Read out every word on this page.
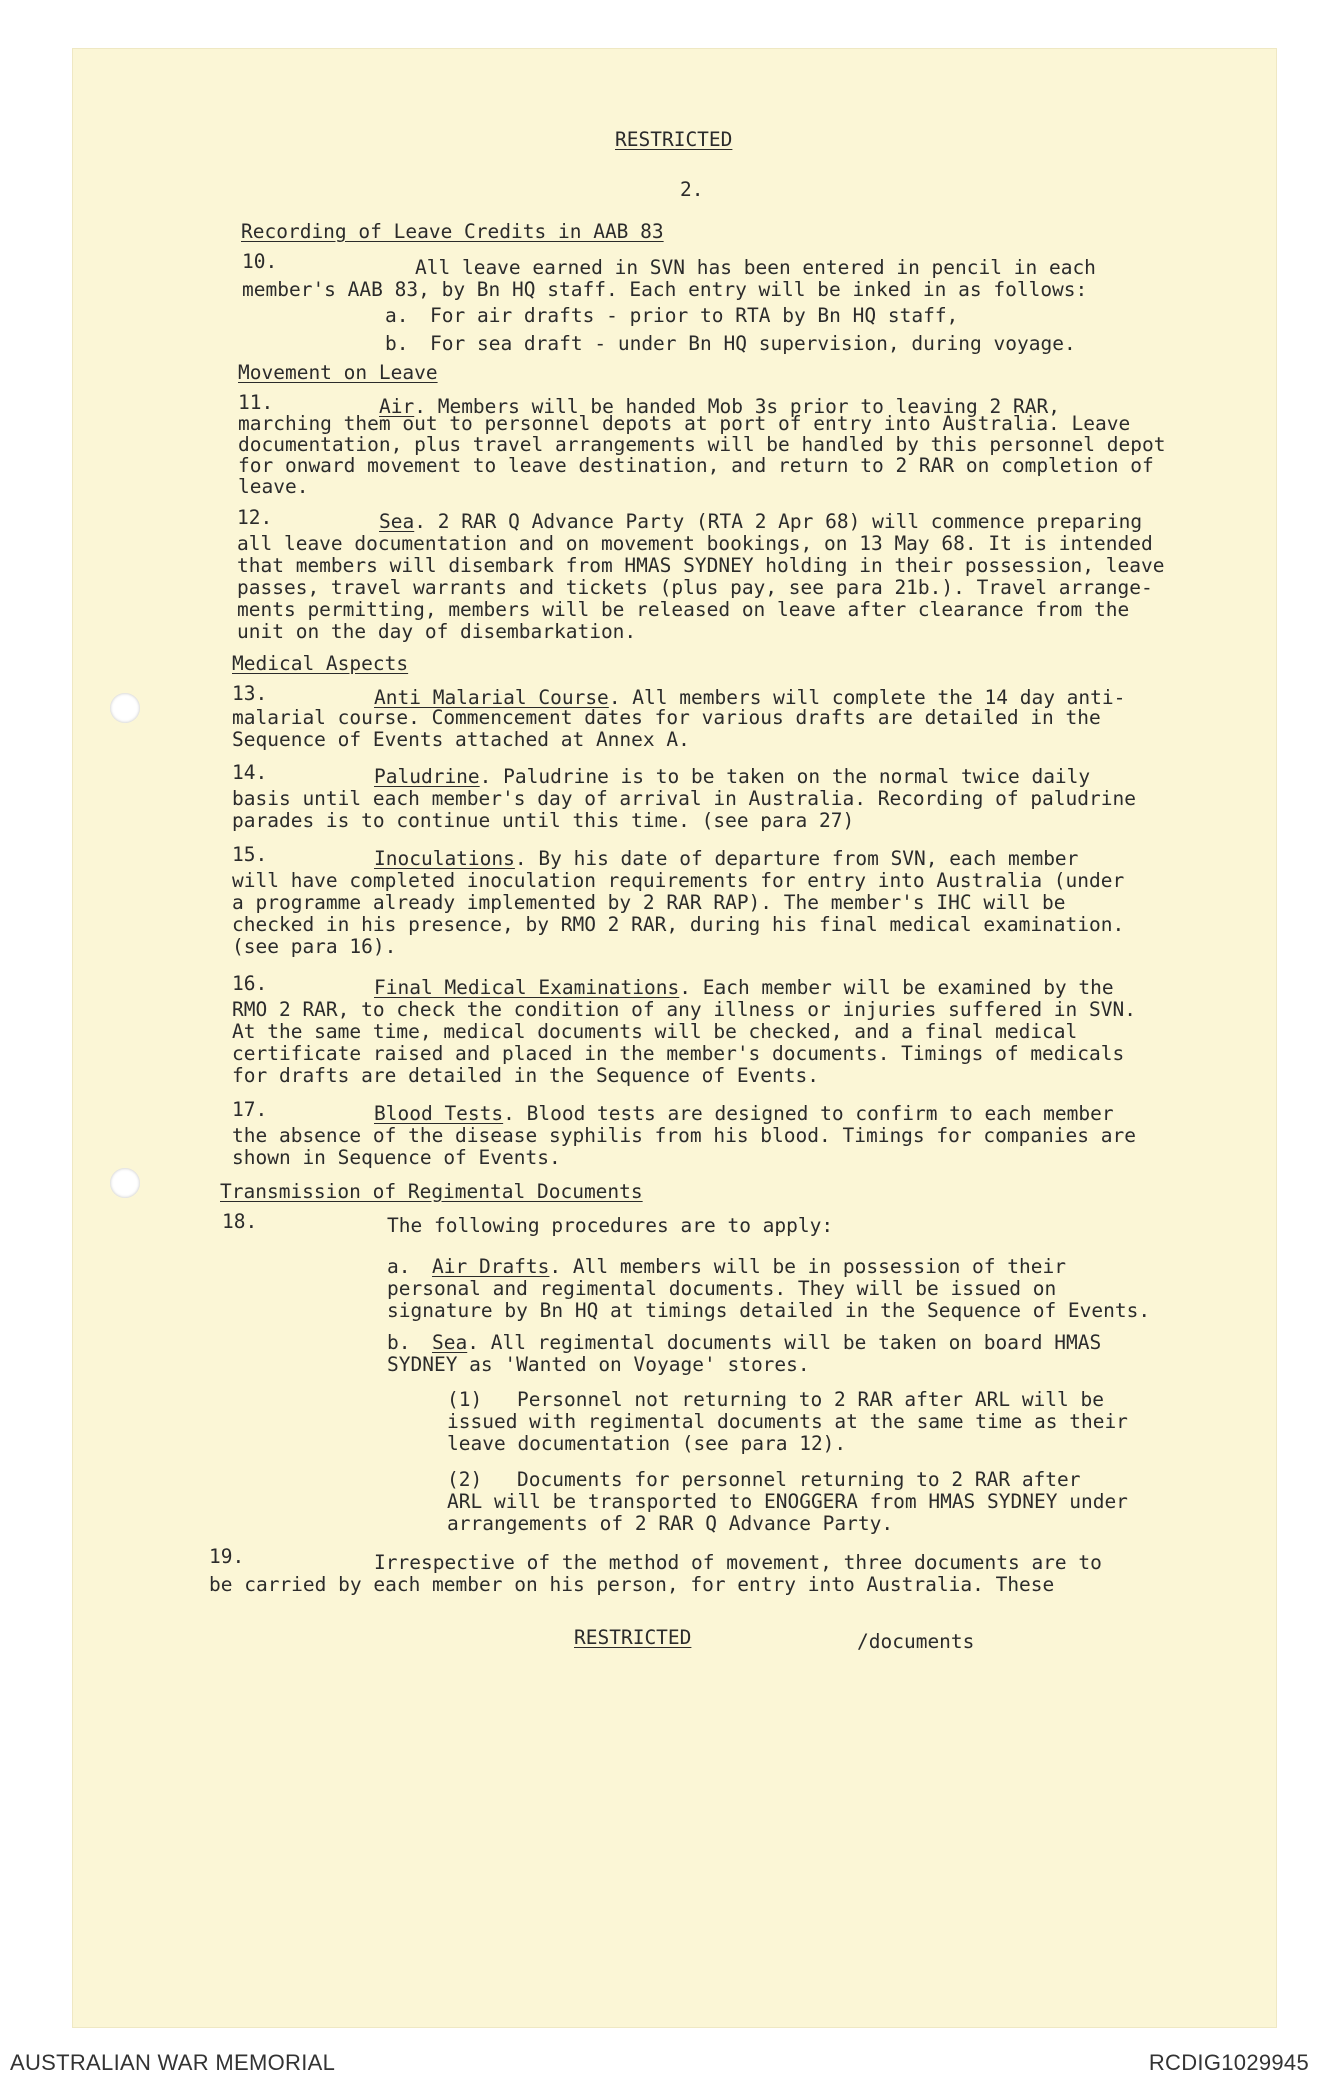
RESTRICTED
2.
Recording of Leave Credits in AAB 83
10.	All leave earned in SVN has been entered in pencil in each
member's AAB 83, by Bn HQ staff. Each entry will be inked in as follows:
a. For air drafts - prior to RTA by Bn HQ staff,
b. For sea draft - under Bn HQ supervision, during voyage.
Movement on Leave
11.	Air. Members will be handed Mob 3s prior to leaving 2 RAR,
marching them out to personnel depots at port of entry into Australia. Leave
documentation, plus travel arrangements will be handled by this personnel depot
for onward movement to leave destination, and return to 2 RAR on completion of
leave.
12.	Sea. 2 RAR Q Advance Party (RTA 2 Apr 68) will commence preparing
all leave documentation and on movement bookings, on 13 May 68. It is intended
that members will disembark from HMAS SYDNEY holding in their possession, leave
passes, travel warrants and tickets (plus pay, see para 21b.). Travel arrange-
ments permitting, members will be released on leave after clearance from the
unit on the day of disembarkation.
Medical Aspects
13.	Anti Malarial Course. All members will complete the 14 day anti-
malarial course. Commencement dates for various drafts are detailed in the
Sequence of Events attached at Annex A.
14.	Paludrine. Paludrine is to be taken on the normal twice daily
basis until each member's day of arrival in Australia. Recording of paludrine
parades is to continue until this time. (see para 27)
15.	Inoculations. By his date of departure from SVN, each member
will have completed inoculation requirements for entry into Australia (under
a programme already implemented by 2 RAR RAP). The member's IHC will be
checked in his presence, by RMO 2 RAR, during his final medical examination.
(see para 16).
16.	Final Medical Examinations. Each member will be examined by the
RMO 2 RAR, to check the condition of any illness or injuries suffered in SVN.
At the same time, medical documents will be checked, and a final medical
certificate raised and placed in the member's documents. Timings of medicals
for drafts are detailed in the Sequence of Events.
17.	Blood Tests. Blood tests are designed to confirm to each member
the absence of the disease syphilis from his blood. Timings for companies are
shown in Sequence of Events.
Transmission of Regimental Documents
18.	The following procedures are to apply:
a. Air Drafts. All members will be in possession of their
personal and regimental documents. They will be issued on
signature by Bn HQ at timings detailed in the Sequence of Events.
b. Sea. All regimental documents will be taken on board HMAS
SYDNEY as 'Wanted on Voyage' stores.
(1) Personnel not returning to 2 RAR after ARL will be
issued with regimental documents at the same time as their
leave documentation (see para 12).
(2) Documents for personnel returning to 2 RAR after
ARL will be transported to ENOGGERA from HMAS SYDNEY under
arrangements of 2 RAR Q Advance Party.
19.	Irrespective of the method of movement, three documents are to
be carried by each member on his person, for entry into Australia. These
RESTRICTED	/documents
AUSTRALIAN WAR MEMORIAL	RCDIG1029945
